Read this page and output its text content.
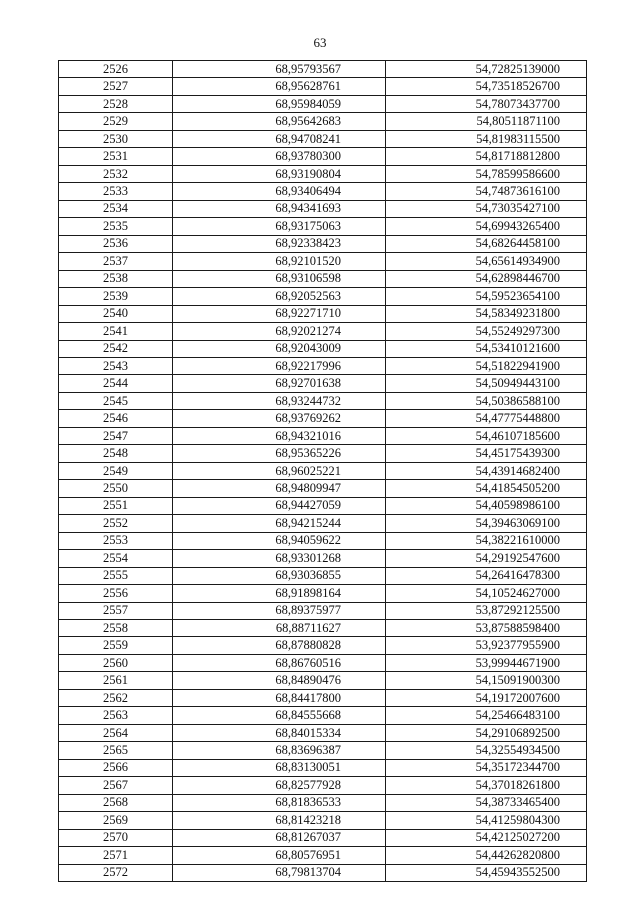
63
2526	68,95793567	54,72825139000
2527	68,95628761	54,73518526700
2528	68,95984059	54,78073437700
2529	68,95642683	54,80511871100
2530	68,94708241	54,81983115500
2531	68,93780300	54,81718812800
2532	68,93190804	54,78599586600
2533	68,93406494	54,74873616100
2534	68,94341693	54,73035427100
2535	68,93175063	54,69943265400
2536	68,92338423	54,68264458100
2537	68,92101520	54,65614934900
2538	68,93106598	54,62898446700
2539	68,92052563	54,59523654100
2540	68,92271710	54,58349231800
2541	68,92021274	54,55249297300
2542	68,92043009	54,53410121600
2543	68,92217996	54,51822941900
2544	68,92701638	54,50949443100
2545	68,93244732	54,50386588100
2546	68,93769262	54,47775448800
2547	68,94321016	54,46107185600
2548	68,95365226	54,45175439300
2549	68,96025221	54,43914682400
2550	68,94809947	54,41854505200
2551	68,94427059	54,40598986100
2552	68,94215244	54,39463069100
2553	68,94059622	54,38221610000
2554	68,93301268	54,29192547600
2555	68,93036855	54,26416478300
2556	68,91898164	54,10524627000
2557	68,89375977	53,87292125500
2558	68,88711627	53,87588598400
2559	68,87880828	53,92377955900
2560	68,86760516	53,99944671900
2561	68,84890476	54,15091900300
2562	68,84417800	54,19172007600
2563	68,84555668	54,25466483100
2564	68,84015334	54,29106892500
2565	68,83696387	54,32554934500
2566	68,83130051	54,35172344700
2567	68,82577928	54,37018261800
2568	68,81836533	54,38733465400
2569	68,81423218	54,41259804300
2570	68,81267037	54,42125027200
2571	68,80576951	54,44262820800
2572	68,79813704	54,45943552500
